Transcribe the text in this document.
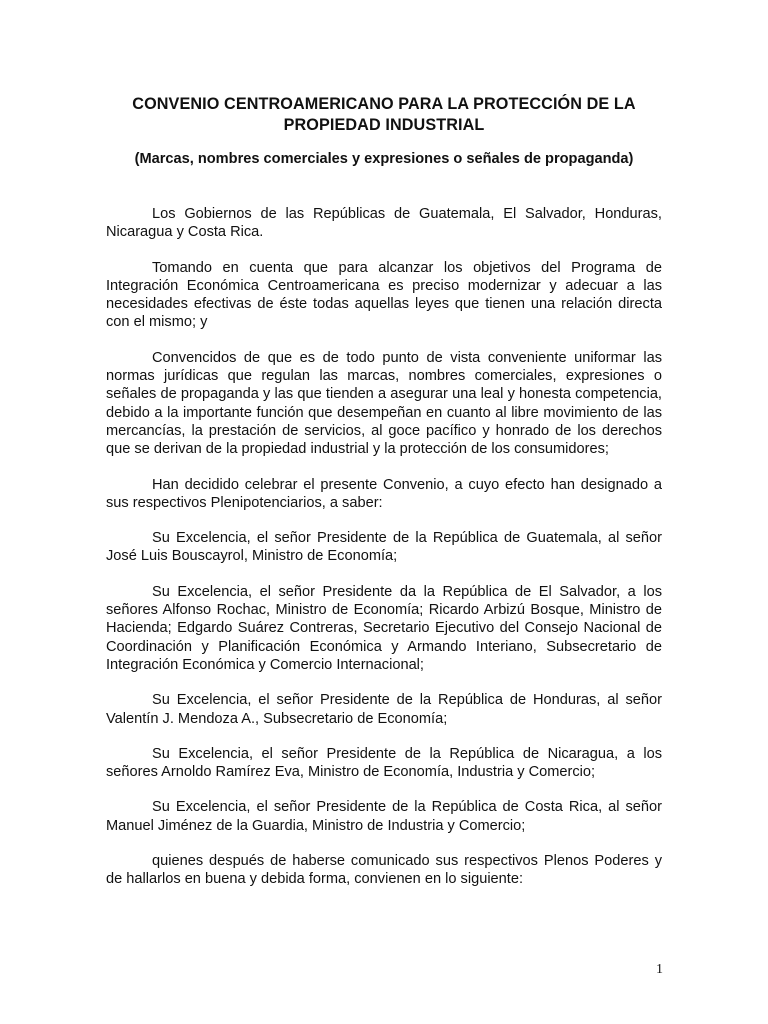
CONVENIO CENTROAMERICANO PARA LA PROTECCIÓN DE LA PROPIEDAD INDUSTRIAL

(Marcas, nombres comerciales y expresiones o señales de propaganda)

Los Gobiernos de las Repúblicas de Guatemala, El Salvador, Honduras, Nicaragua y Costa Rica.

Tomando en cuenta que para alcanzar los objetivos del Programa de Integración Económica Centroamericana es preciso modernizar y adecuar a las necesidades efectivas de éste todas aquellas leyes que tienen una relación directa con el mismo; y

Convencidos de que es de todo punto de vista conveniente uniformar las normas jurídicas que regulan las marcas, nombres comerciales, expresiones o señales de propaganda y las que tienden a asegurar una leal y honesta competencia, debido a la importante función que desempeñan en cuanto al libre movimiento de las mercancías, la prestación de servicios, al goce pacífico y honrado de los derechos que se derivan de la propiedad industrial y la protección de los consumidores;

Han decidido celebrar el presente Convenio, a cuyo efecto han designado a sus respectivos Plenipotenciarios, a saber:

Su Excelencia, el señor Presidente de la República de Guatemala, al señor José Luis Bouscayrol, Ministro de Economía;

Su Excelencia, el señor Presidente da la República de El Salvador, a los señores Alfonso Rochac, Ministro de Economía; Ricardo Arbizú Bosque, Ministro de Hacienda; Edgardo Suárez Contreras, Secretario Ejecutivo del Consejo Nacional de Coordinación y Planificación Económica y Armando Interiano, Subsecretario de Integración Económica y Comercio Internacional;

Su Excelencia, el señor Presidente de la República de Honduras, al señor Valentín J. Mendoza A., Subsecretario de Economía;

Su Excelencia, el señor Presidente de la República de Nicaragua, a los señores Arnoldo Ramírez Eva, Ministro de Economía, Industria y Comercio;

Su Excelencia, el señor Presidente de la República de Costa Rica, al señor Manuel Jiménez de la Guardia, Ministro de Industria y Comercio;

quienes después de haberse comunicado sus respectivos Plenos Poderes y de hallarlos en buena y debida forma, convienen en lo siguiente:

1
